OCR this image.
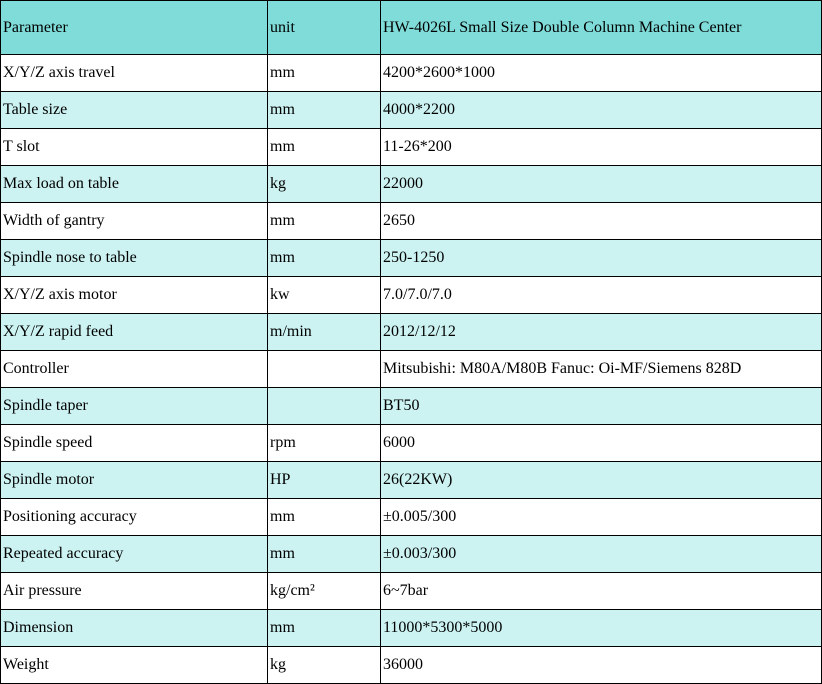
Parameter	unit	HW-4026L Small Size Double Column Machine Center
X/Y/Z axis travel	mm	4200*2600*1000
Table size	mm	4000*2200
T slot	mm	11-26*200
Max load on table	kg	22000
Width of gantry	mm	2650
Spindle nose to table	mm	250-1250
X/Y/Z axis motor	kw	7.0/7.0/7.0
X/Y/Z rapid feed	m/min	2012/12/12
Controller		Mitsubishi: M80A/M80B Fanuc: Oi-MF/Siemens 828D
Spindle taper		BT50
Spindle speed	rpm	6000
Spindle motor	HP	26(22KW)
Positioning accuracy	mm	±0.005/300
Repeated accuracy	mm	±0.003/300
Air pressure	kg/cm²	6~7bar
Dimension	mm	11000*5300*5000
Weight	kg	36000
